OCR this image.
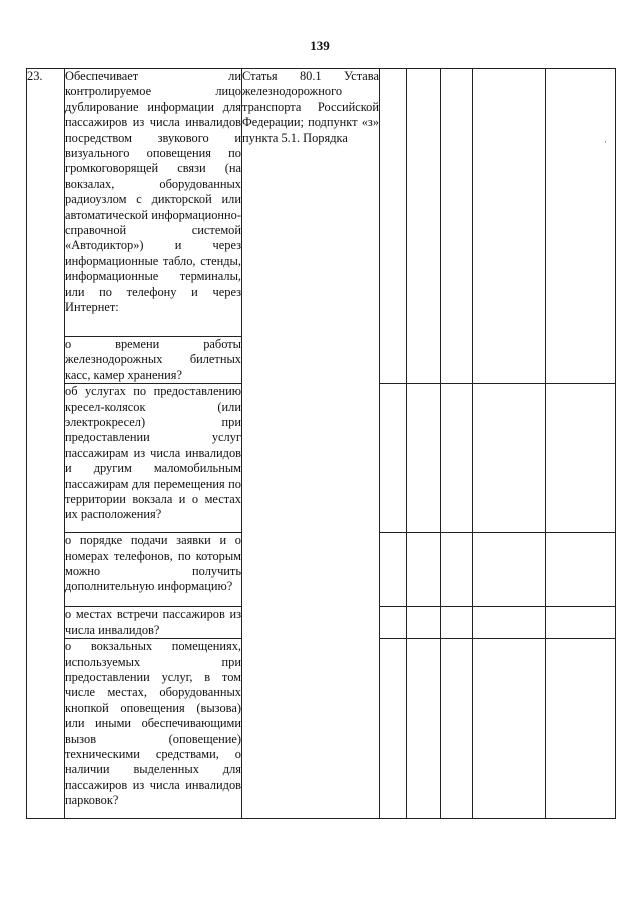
139
23.	Обеспечивает ли контролируемое лицо дублирование информации для пассажиров из числа инвалидов посредством звукового и визуального оповещения по громкоговорящей связи (на вокзалах, оборудованных радиоузлом с дикторской или автоматической информационно-справочной системой «Автодиктор») и через информационные табло, стенды, информационные терминалы, или по телефону и через Интернет:	Статья 80.1 Устава железнодорожного транспорта Российской Федерации; подпункт «з» пункта 5.1. Порядка					
	о времени работы железнодорожных билетных касс, камер хранения?						
	об услугах по предоставлению кресел-колясок (или электрокресел) при предоставлении услуг пассажирам из числа инвалидов и другим маломобильным пассажирам для перемещения по территории вокзала и о местах их расположения?						
	о порядке подачи заявки и о номерах телефонов, по которым можно получить дополнительную информацию?						
	о местах встречи пассажиров из числа инвалидов?						
	о вокзальных помещениях, используемых при предоставлении услуг, в том числе местах, оборудованных кнопкой оповещения (вызова) или иными обеспечивающими вызов (оповещение) техническими средствами, о наличии выделенных для пассажиров из числа инвалидов парковок?						
·
